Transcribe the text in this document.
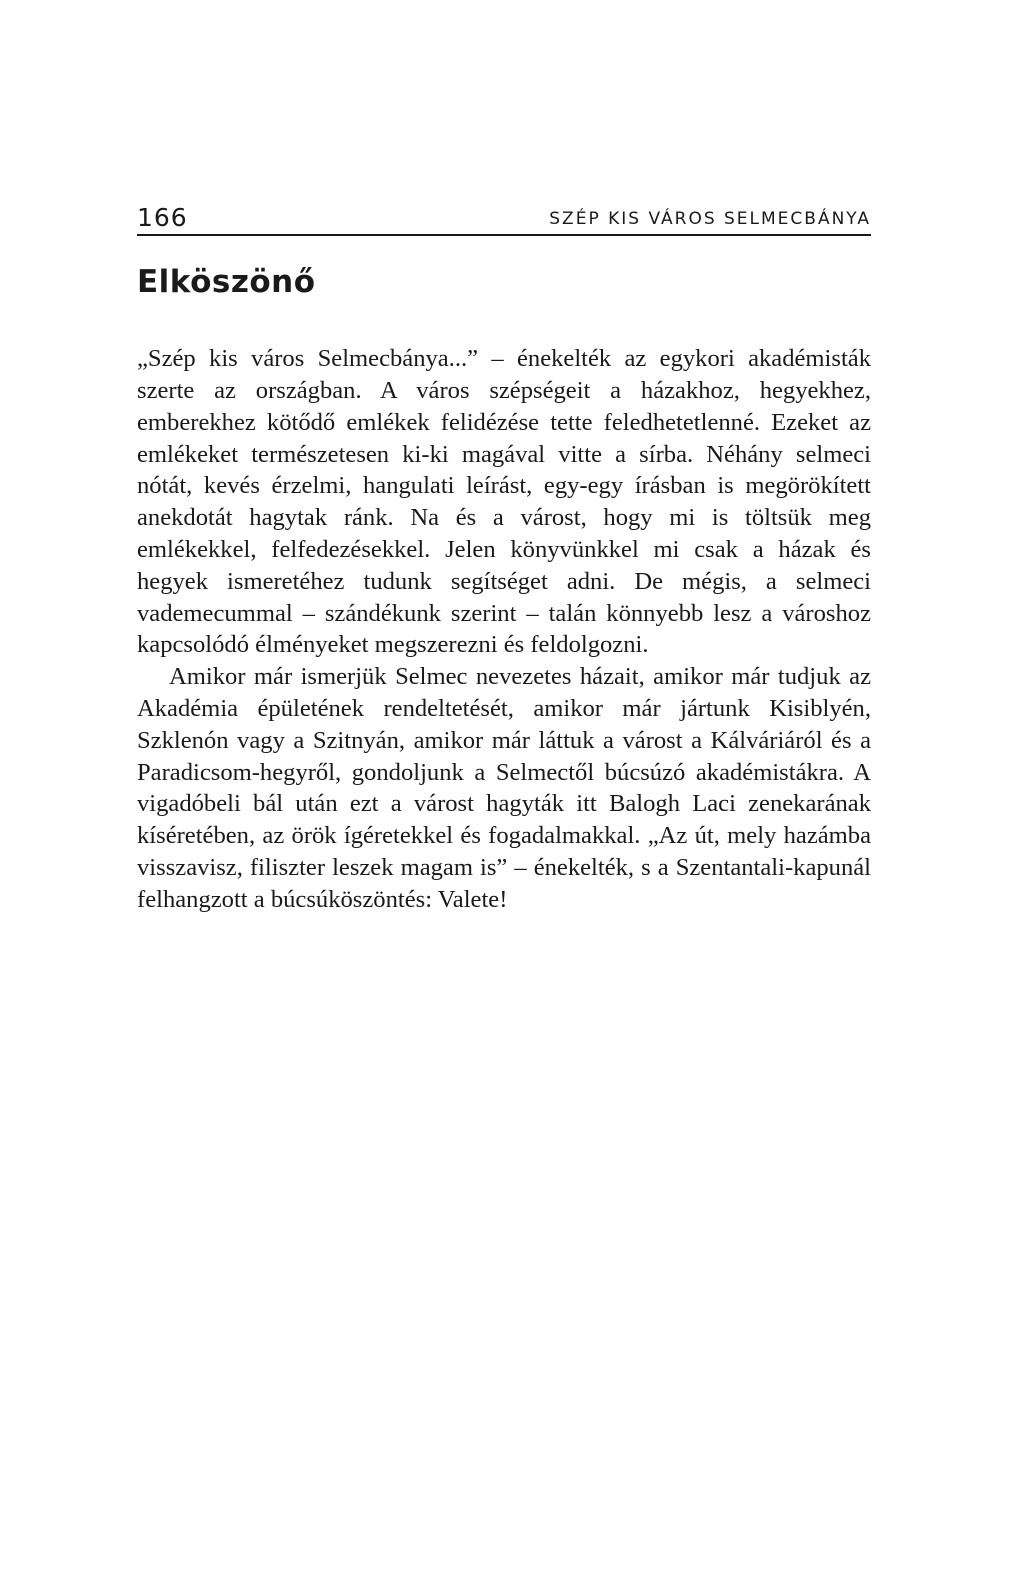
166	SZÉP KIS VÁROS SELMECBÁNYA
Elköszönő

„Szép kis város Selmecbánya...” – énekelték az egykori akadémisták szerte az országban. A város szépségeit a házakhoz, hegyekhez, emberekhez kötődő emlékek felidézése tette feledhetetlenné. Ezeket az emlékeket természetesen ki-ki magával vitte a sírba. Néhány selmeci nótát, kevés érzelmi, hangulati leírást, egy-egy írásban is megörökített anekdotát hagytak ránk. Na és a várost, hogy mi is töltsük meg emlékekkel, felfedezésekkel. Jelen könyvünkkel mi csak a házak és hegyek ismeretéhez tudunk segítséget adni. De mégis, a selmeci vademecummal – szándékunk szerint – talán könnyebb lesz a városhoz kapcsolódó élményeket megszerezni és feldolgozni.

Amikor már ismerjük Selmec nevezetes házait, amikor már tudjuk az Akadémia épületének rendeltetését, amikor már jártunk Kisiblyén, Szklenón vagy a Szitnyán, amikor már láttuk a várost a Kálváriáról és a Paradicsom-hegyről, gondoljunk a Selmectől búcsúzó akadémistákra. A vigadóbeli bál után ezt a várost hagyták itt Balogh Laci zenekarának kíséretében, az örök ígéretekkel és fogadalmakkal. „Az út, mely hazámba visszavisz, filiszter leszek magam is” – énekelték, s a Szentantali-kapunál felhangzott a búcsúköszöntés: Valete!
